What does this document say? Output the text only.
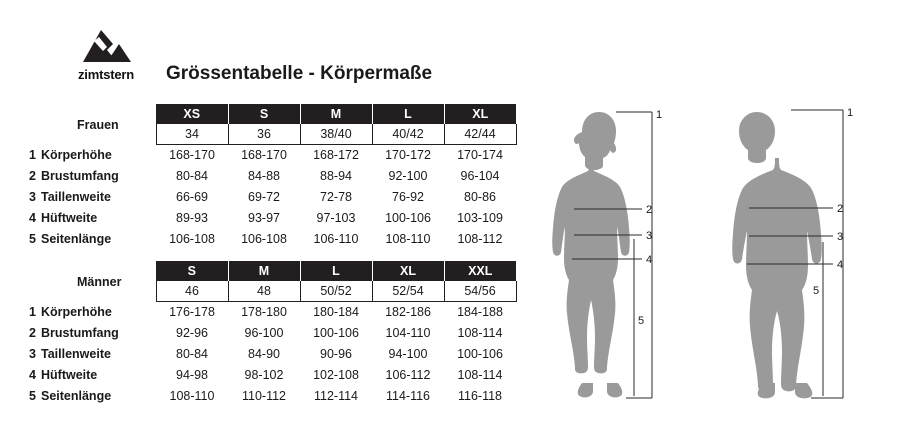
zimtstern	Grössentabelle - Körpermaße
Frauen
	XS	S	M	L	XL
	34	36	38/40	40/42	42/44
1 Körperhöhe	168-170	168-170	168-172	170-172	170-174
2 Brustumfang	80-84	84-88	88-94	92-100	96-104
3 Taillenweite	66-69	69-72	72-78	76-92	80-86
4 Hüftweite	89-93	93-97	97-103	100-106	103-109
5 Seitenlänge	106-108	106-108	106-110	108-110	108-112
Männer
	S	M	L	XL	XXL
	46	48	50/52	52/54	54/56
1 Körperhöhe	176-178	178-180	180-184	182-186	184-188
2 Brustumfang	92-96	96-100	100-106	104-110	108-114
3 Taillenweite	80-84	84-90	90-96	94-100	100-106
4 Hüftweite	94-98	98-102	102-108	106-112	108-114
5 Seitenlänge	108-110	110-112	112-114	114-116	116-118
1
2
3
4
5
1
2
3
4
5
